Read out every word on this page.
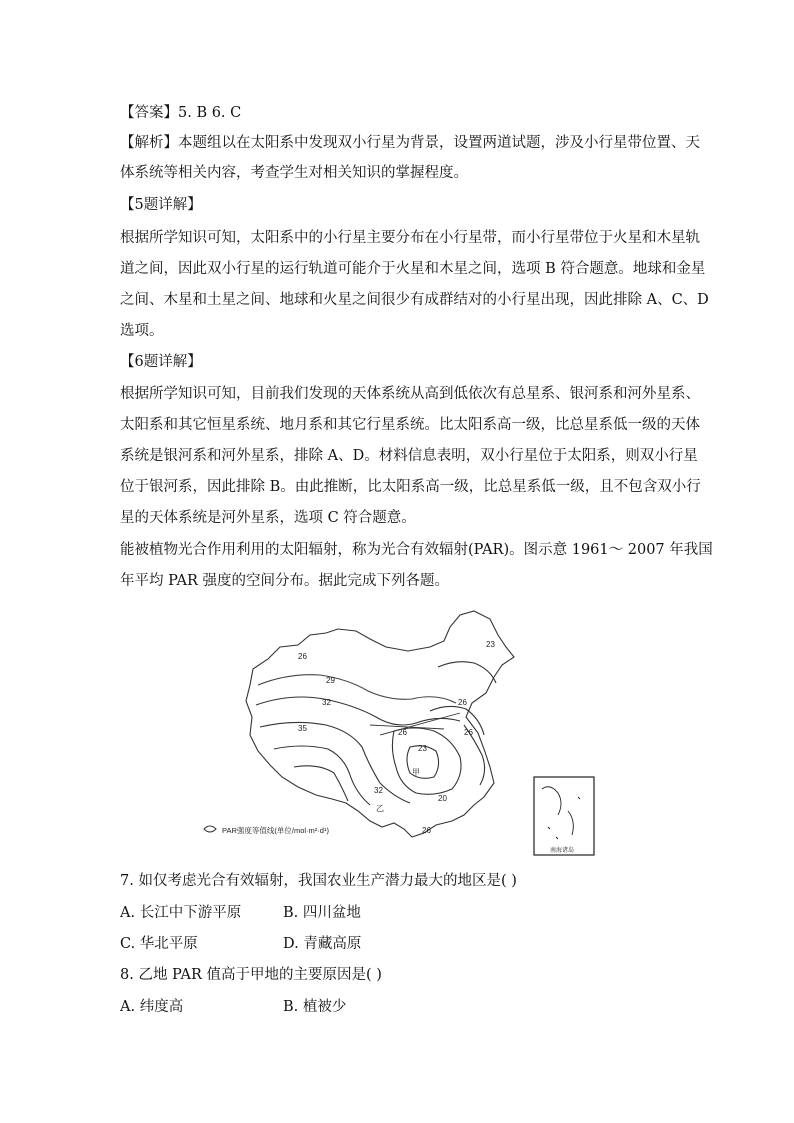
【答案】5. B 6. C
【解析】本题组以在太阳系中发现双小行星为背景，设置两道试题，涉及小行星带位置、天
体系统等相关内容，考查学生对相关知识的掌握程度。
【5题详解】
根据所学知识可知，太阳系中的小行星主要分布在小行星带，而小行星带位于火星和木星轨
道之间，因此双小行星的运行轨道可能介于火星和木星之间，选项 B 符合题意。地球和金星
之间、木星和土星之间、地球和火星之间很少有成群结对的小行星出现，因此排除 A、C、D
选项。
【6题详解】
根据所学知识可知，目前我们发现的天体系统从高到低依次有总星系、银河系和河外星系、
太阳系和其它恒星系统、地月系和其它行星系统。比太阳系高一级，比总星系低一级的天体
系统是银河系和河外星系，排除 A、D。材料信息表明，双小行星位于太阳系，则双小行星
位于银河系，因此排除 B。由此推断，比太阳系高一级，比总星系低一级，且不包含双小行
星的天体系统是河外星系，选项 C 符合题意。
能被植物光合作用利用的太阳辐射，称为光合有效辐射(PAR)。图示意 1961～ 2007 年我国
年平均 PAR 强度的空间分布。据此完成下列各题。
26
23
29
32
35
26
26
23
26
甲
20
32
26
乙
PAR强度等值线(单位/mol·m²·d¹)
南海诸岛
7. 如仅考虑光合有效辐射，我国农业生产潜力最大的地区是( )
A. 长江中下游平原	B. 四川盆地
C. 华北平原	D. 青藏高原
8. 乙地 PAR 值高于甲地的主要原因是( )
A. 纬度高	B. 植被少
